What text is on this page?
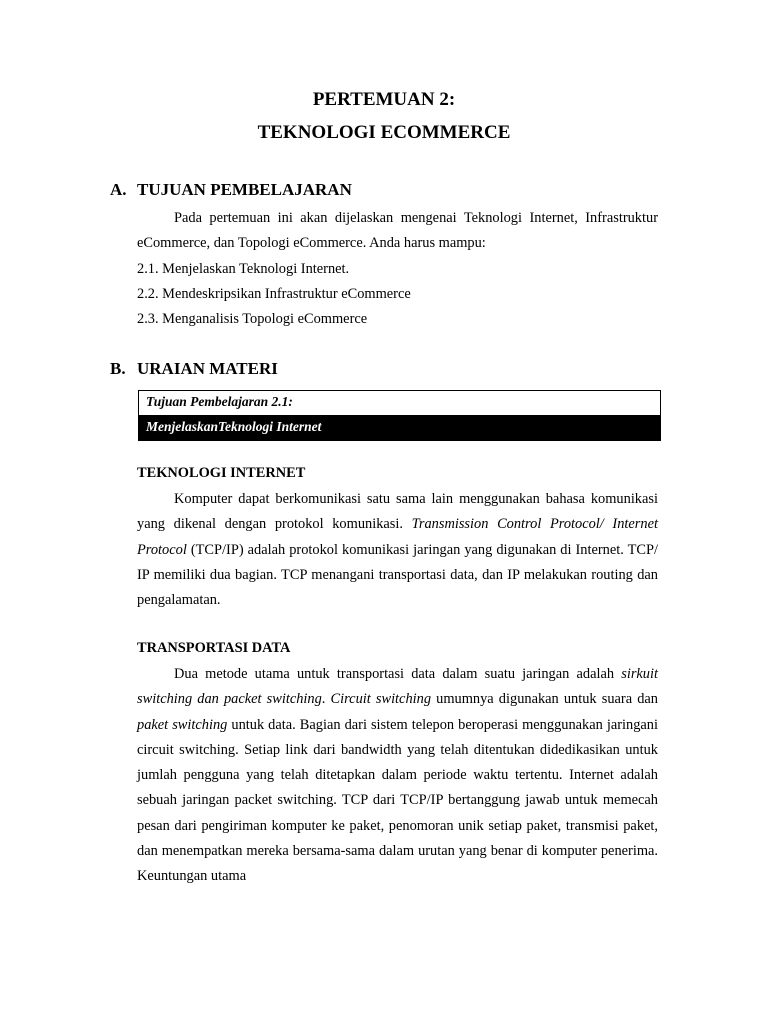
PERTEMUAN 2:
TEKNOLOGI ECOMMERCE
A. TUJUAN PEMBELAJARAN

Pada pertemuan ini akan dijelaskan mengenai Teknologi Internet, Infrastruktur eCommerce, dan Topologi eCommerce. Anda harus mampu:

2.1. Menjelaskan Teknologi Internet.

2.2. Mendeskripsikan Infrastruktur eCommerce

2.3. Menganalisis Topologi eCommerce

B. URAIAN MATERI
Tujuan Pembelajaran 2.1:
MenjelaskanTeknologi Internet
TEKNOLOGI INTERNET

Komputer dapat berkomunikasi satu sama lain menggunakan bahasa komunikasi yang dikenal dengan protokol komunikasi. Transmission Control Protocol/ Internet Protocol (TCP/IP) adalah protokol komunikasi jaringan yang digunakan di Internet. TCP/ IP memiliki dua bagian. TCP menangani transportasi data, dan IP melakukan routing dan pengalamatan.

TRANSPORTASI DATA

Dua metode utama untuk transportasi data dalam suatu jaringan adalah sirkuit switching dan packet switching. Circuit switching umumnya digunakan untuk suara dan paket switching untuk data. Bagian dari sistem telepon beroperasi menggunakan jaringani circuit switching. Setiap link dari bandwidth yang telah ditentukan didedikasikan untuk jumlah pengguna yang telah ditetapkan dalam periode waktu tertentu. Internet adalah sebuah jaringan packet switching. TCP dari TCP/IP bertanggung jawab untuk memecah pesan dari pengiriman komputer ke paket, penomoran unik setiap paket, transmisi paket, dan menempatkan mereka bersama-sama dalam urutan yang benar di komputer penerima. Keuntungan utama
